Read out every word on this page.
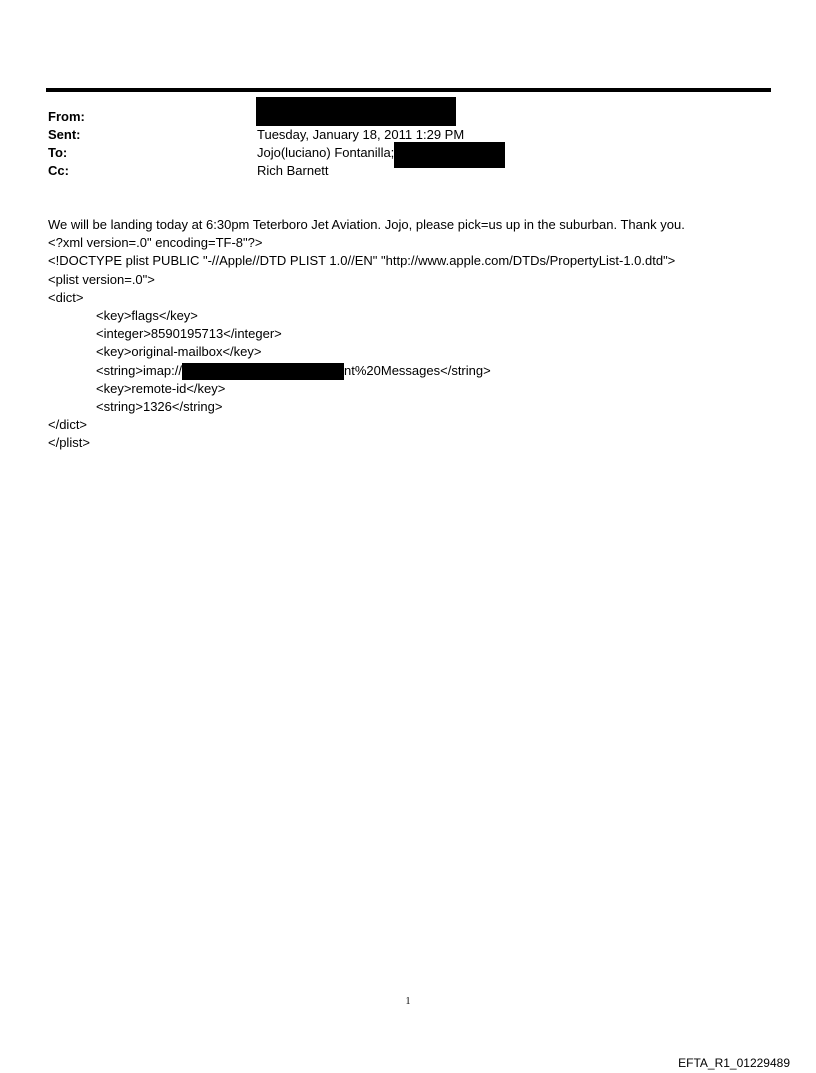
From:
Sent:	Tuesday, January 18, 2011 1:29 PM
To:	Jojo(luciano) Fontanilla;
Cc:	Rich Barnett
We will be landing today at 6:30pm Teterboro Jet Aviation. Jojo, please pick=us up in the suburban. Thank you.
<?xml version=.0" encoding=TF-8"?>
<!DOCTYPE plist PUBLIC "-//Apple//DTD PLIST 1.0//EN" "http://www.apple.com/DTDs/PropertyList-1.0.dtd">
<plist version=.0">
<dict>
<key>flags</key>
<integer>8590195713</integer>
<key>original-mailbox</key>
<string>imap://	nt%20Messages</string>
<key>remote-id</key>
<string>1326</string>
</dict>
</plist>
1
EFTA_R1_01229489
